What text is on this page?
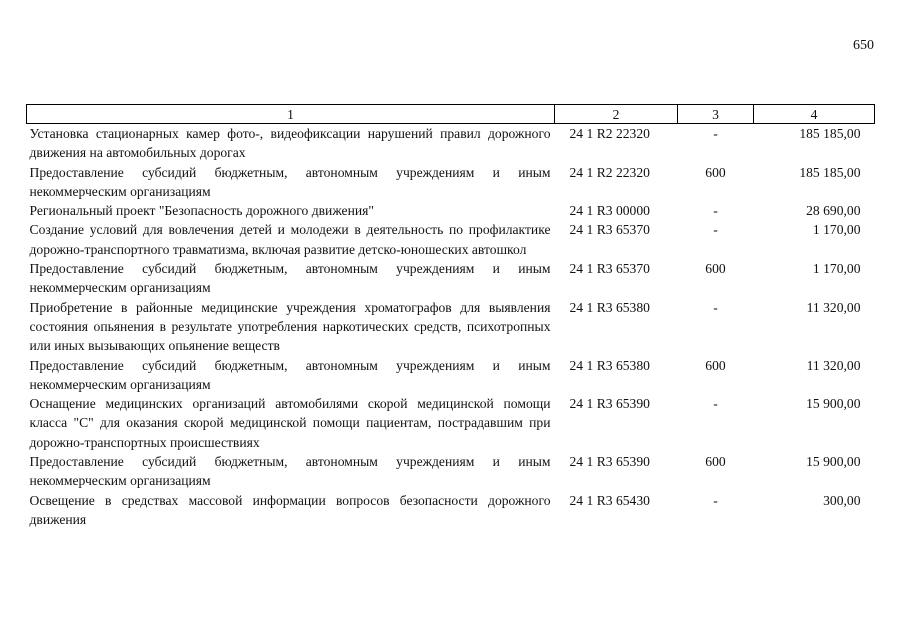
650
1	2	3	4
Установка стационарных камер фото-, видеофиксации нарушений правил дорожного движения на автомобильных дорогах	24 1 R2 22320	-	185 185,00
Предоставление субсидий бюджетным, автономным учреждениям и иным некоммерческим организациям	24 1 R2 22320	600	185 185,00
Региональный проект "Безопасность дорожного движения"	24 1 R3 00000	-	28 690,00
Создание условий для вовлечения детей и молодежи в деятельность по профилактике дорожно-транспортного травматизма, включая развитие детско-юношеских автошкол	24 1 R3 65370	-	1 170,00
Предоставление субсидий бюджетным, автономным учреждениям и иным некоммерческим организациям	24 1 R3 65370	600	1 170,00
Приобретение в районные медицинские учреждения хроматографов для выявления состояния опьянения в результате употребления наркотических средств, психотропных или иных вызывающих опьянение веществ	24 1 R3 65380	-	11 320,00
Предоставление субсидий бюджетным, автономным учреждениям и иным некоммерческим организациям	24 1 R3 65380	600	11 320,00
Оснащение медицинских организаций автомобилями скорой медицинской помощи класса "С" для оказания скорой медицинской помощи пациентам, пострадавшим при дорожно-транспортных происшествиях	24 1 R3 65390	-	15 900,00
Предоставление субсидий бюджетным, автономным учреждениям и иным некоммерческим организациям	24 1 R3 65390	600	15 900,00
Освещение в средствах массовой информации вопросов безопасности дорожного движения	24 1 R3 65430	-	300,00
